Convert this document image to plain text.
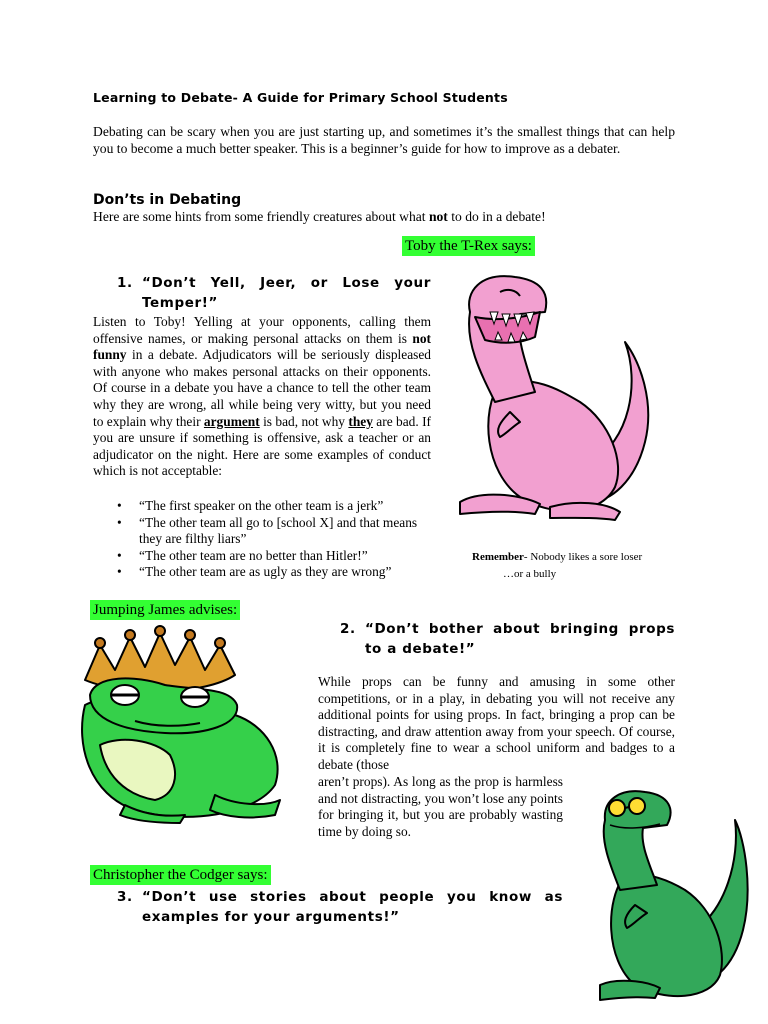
Learning to Debate- A Guide for Primary School Students
Debating can be scary when you are just starting up, and sometimes it’s the smallest things that can help you to become a much better speaker. This is a beginner’s guide for how to improve as a debater.
Don’ts in Debating
Here are some hints from some friendly creatures about what not to do in a debate!
Toby the T-Rex says:
1. “Don’t Yell, Jeer, or Lose your Temper!”
Listen to Toby! Yelling at your opponents, calling them offensive names, or making personal attacks on them is not funny in a debate. Adjudicators will be seriously displeased with anyone who makes personal attacks on their opponents. Of course in a debate you have a chance to tell the other team why they are wrong, all while being very witty, but you need to explain why their argument is bad, not why they are bad. If you are unsure if something is offensive, ask a teacher or an adjudicator on the night. Here are some examples of conduct which is not acceptable:
• “The first speaker on the other team is a jerk”
• “The other team all go to [school X] and that means they are filthy liars”
• “The other team are no better than Hitler!”
• “The other team are as ugly as they are wrong”
Remember- Nobody likes a sore loser
…or a bully
Jumping James advises:
2. “Don’t bother about bringing props to a debate!”
While props can be funny and amusing in some other competitions, or in a play, in debating you will not receive any additional points for using props. In fact, bringing a prop can be distracting, and draw attention away from your speech. Of course, it is completely fine to wear a school uniform and badges to a debate (those
aren’t props). As long as the prop is harmless and not distracting, you won’t lose any points for bringing it, but you are probably wasting time by doing so.
Christopher the Codger says:
3. “Don’t use stories about people you know as examples for your arguments!”
